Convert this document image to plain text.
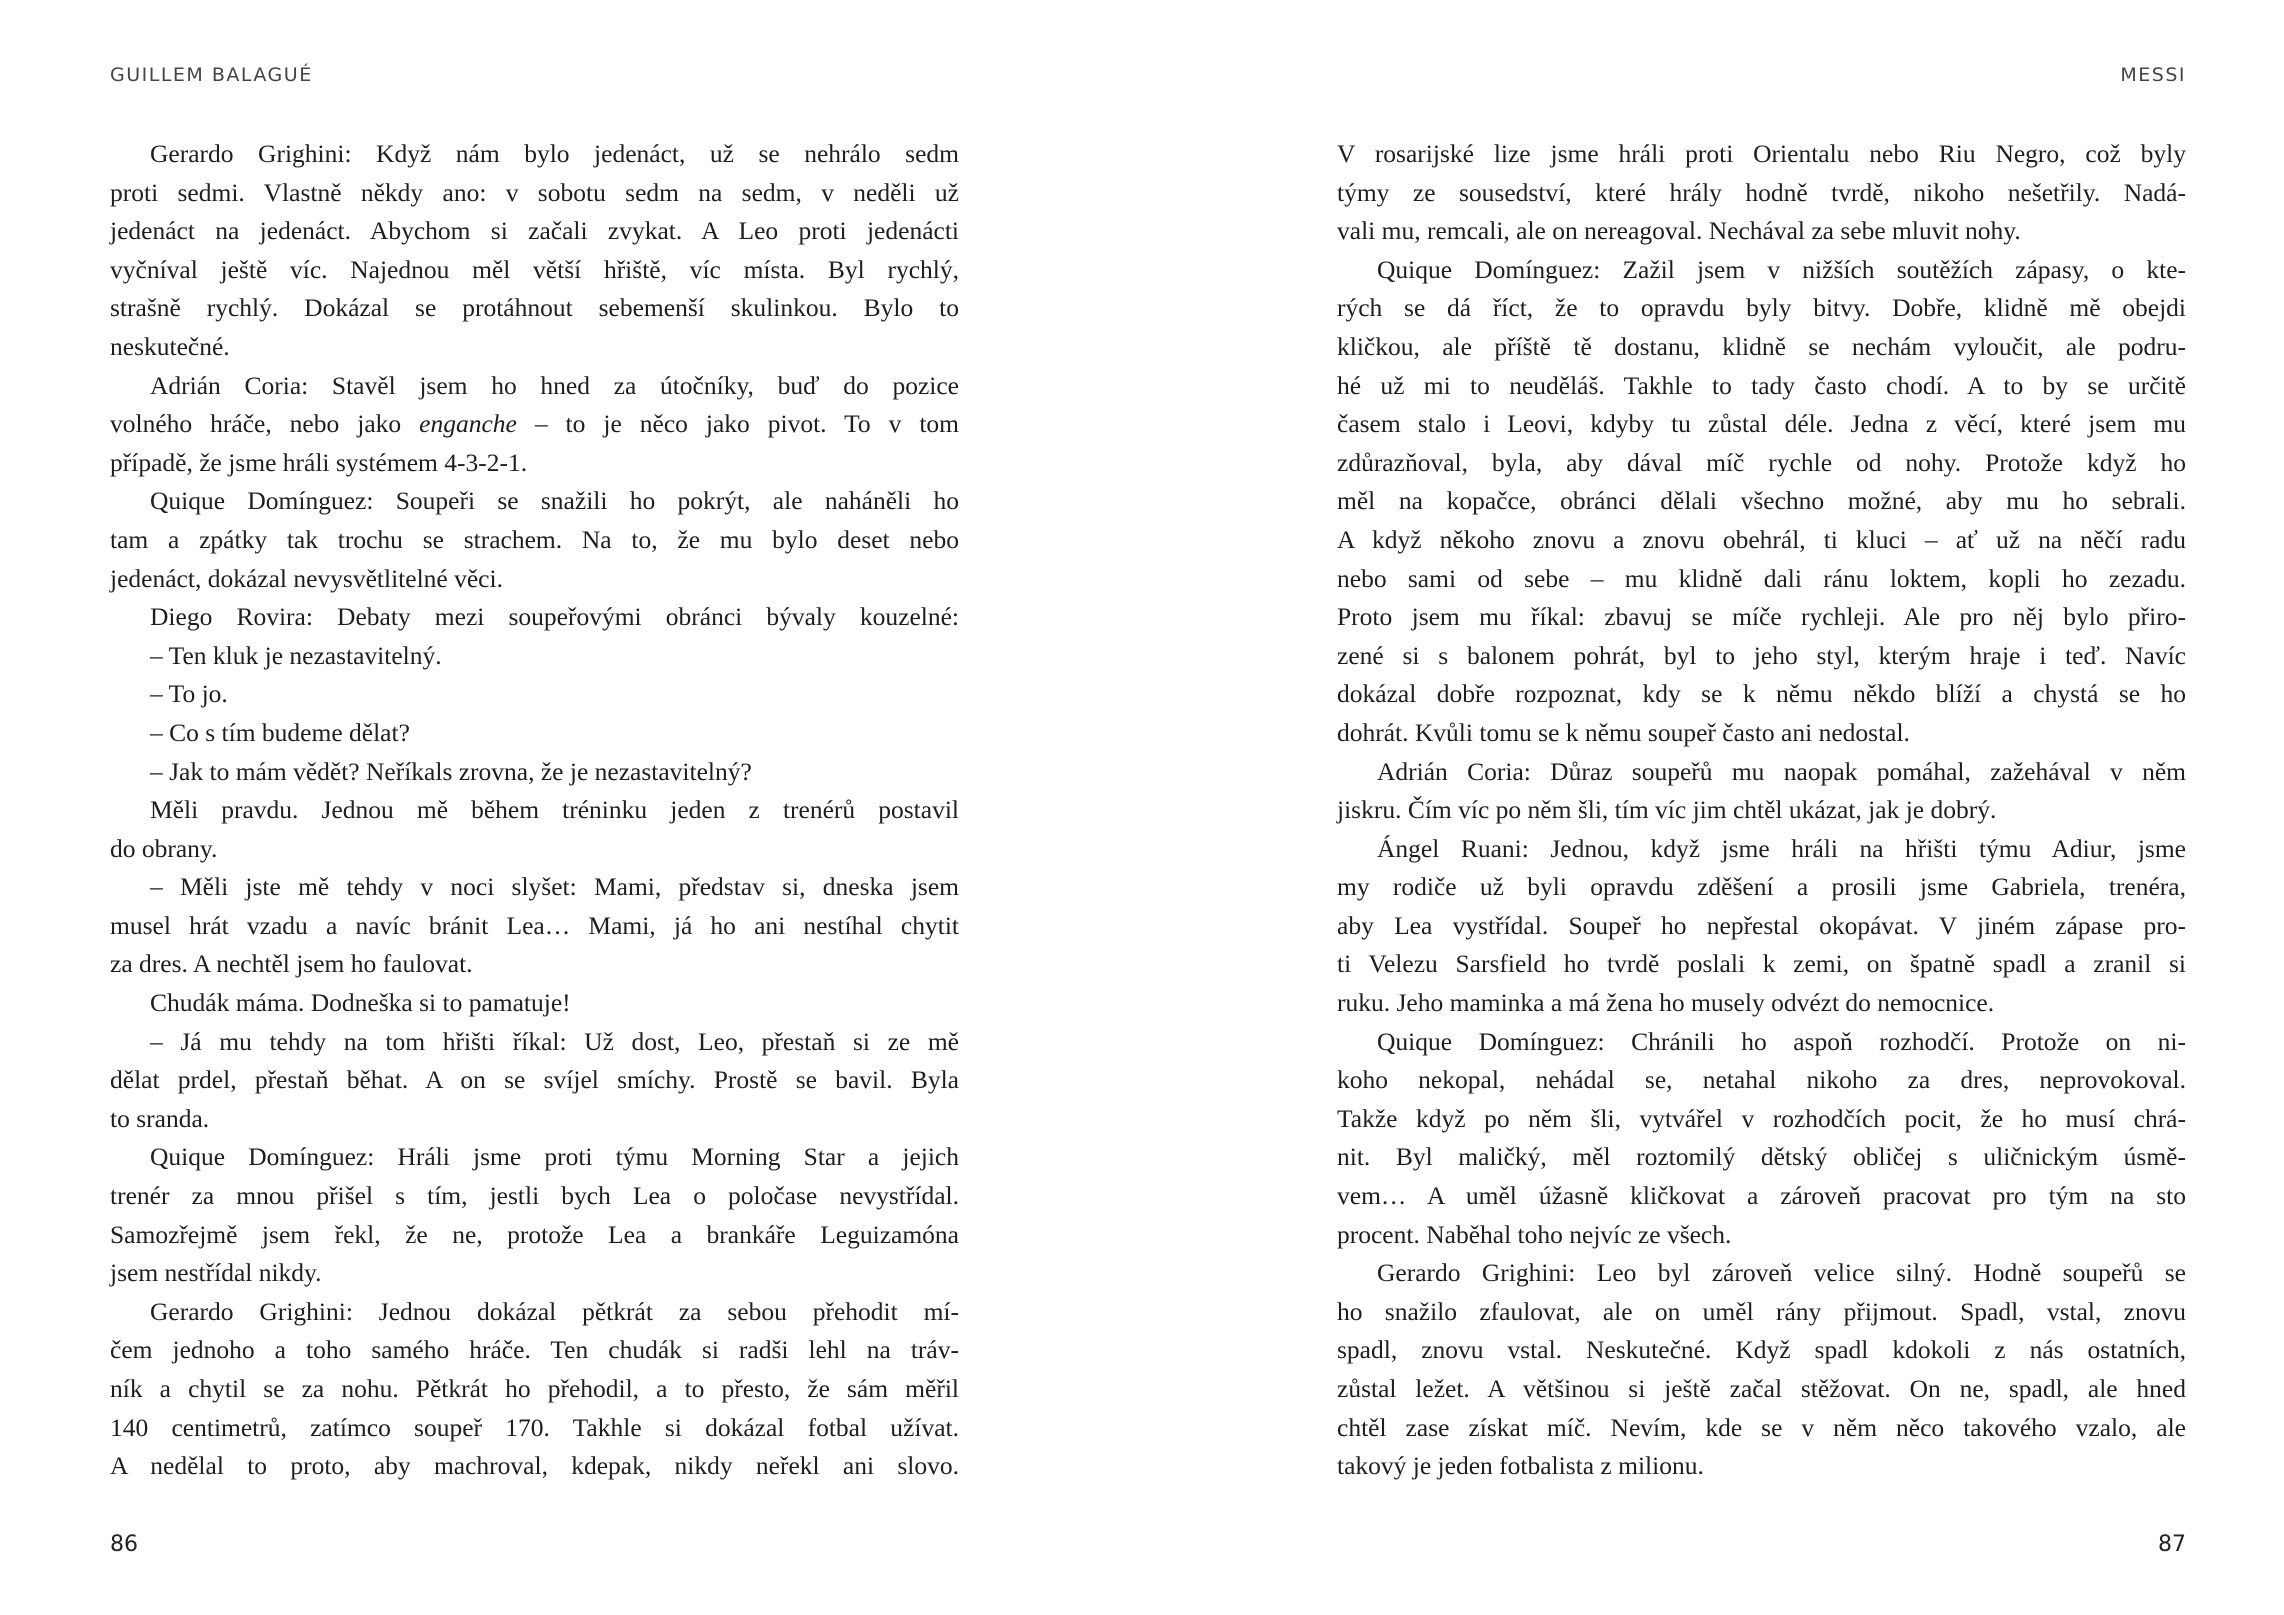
GUILLEM BALAGUÉ	MESSI
Gerardo Grighini: Když nám bylo jedenáct, už se nehrálo sedm
proti sedmi. Vlastně někdy ano: v sobotu sedm na sedm, v neděli už
jedenáct na jedenáct. Abychom si začali zvykat. A Leo proti jedenácti
vyčníval ještě víc. Najednou měl větší hřiště, víc místa. Byl rychlý,
strašně rychlý. Dokázal se protáhnout sebemenší skulinkou. Bylo to
neskutečné.
Adrián Coria: Stavěl jsem ho hned za útočníky, buď do pozice
volného hráče, nebo jako enganche – to je něco jako pivot. To v tom
případě, že jsme hráli systémem 4-3-2-1.
Quique Domínguez: Soupeři se snažili ho pokrýt, ale naháněli ho
tam a zpátky tak trochu se strachem. Na to, že mu bylo deset nebo
jedenáct, dokázal nevysvětlitelné věci.
Diego Rovira: Debaty mezi soupeřovými obránci bývaly kouzelné:
– Ten kluk je nezastavitelný.
– To jo.
– Co s tím budeme dělat?
– Jak to mám vědět? Neříkals zrovna, že je nezastavitelný?
Měli pravdu. Jednou mě během tréninku jeden z trenérů postavil
do obrany.
– Měli jste mě tehdy v noci slyšet: Mami, představ si, dneska jsem
musel hrát vzadu a navíc bránit Lea… Mami, já ho ani nestíhal chytit
za dres. A nechtěl jsem ho faulovat.
Chudák máma. Dodneška si to pamatuje!
– Já mu tehdy na tom hřišti říkal: Už dost, Leo, přestaň si ze mě
dělat prdel, přestaň běhat. A on se svíjel smíchy. Prostě se bavil. Byla
to sranda.
Quique Domínguez: Hráli jsme proti týmu Morning Star a jejich
trenér za mnou přišel s tím, jestli bych Lea o poločase nevystřídal.
Samozřejmě jsem řekl, že ne, protože Lea a brankáře Leguizamóna
jsem nestřídal nikdy.
Gerardo Grighini: Jednou dokázal pětkrát za sebou přehodit mí-
čem jednoho a toho samého hráče. Ten chudák si radši lehl na tráv-
ník a chytil se za nohu. Pětkrát ho přehodil, a to přesto, že sám měřil
140 centimetrů, zatímco soupeř 170. Takhle si dokázal fotbal užívat.
A nedělal to proto, aby machroval, kdepak, nikdy neřekl ani slovo.
V rosarijské lize jsme hráli proti Orientalu nebo Riu Negro, což byly
týmy ze sousedství, které hrály hodně tvrdě, nikoho nešetřily. Nadá-
vali mu, remcali, ale on nereagoval. Nechával za sebe mluvit nohy.
Quique Domínguez: Zažil jsem v nižších soutěžích zápasy, o kte-
rých se dá říct, že to opravdu byly bitvy. Dobře, klidně mě obejdi
kličkou, ale příště tě dostanu, klidně se nechám vyloučit, ale podru-
hé už mi to neuděláš. Takhle to tady často chodí. A to by se určitě
časem stalo i Leovi, kdyby tu zůstal déle. Jedna z věcí, které jsem mu
zdůrazňoval, byla, aby dával míč rychle od nohy. Protože když ho
měl na kopačce, obránci dělali všechno možné, aby mu ho sebrali.
A když někoho znovu a znovu obehrál, ti kluci – ať už na něčí radu
nebo sami od sebe – mu klidně dali ránu loktem, kopli ho zezadu.
Proto jsem mu říkal: zbavuj se míče rychleji. Ale pro něj bylo přiro-
zené si s balonem pohrát, byl to jeho styl, kterým hraje i teď. Navíc
dokázal dobře rozpoznat, kdy se k němu někdo blíží a chystá se ho
dohrát. Kvůli tomu se k němu soupeř často ani nedostal.
Adrián Coria: Důraz soupeřů mu naopak pomáhal, zažehával v něm
jiskru. Čím víc po něm šli, tím víc jim chtěl ukázat, jak je dobrý.
Ángel Ruani: Jednou, když jsme hráli na hřišti týmu Adiur, jsme
my rodiče už byli opravdu zděšení a prosili jsme Gabriela, trenéra,
aby Lea vystřídal. Soupeř ho nepřestal okopávat. V jiném zápase pro-
ti Velezu Sarsfield ho tvrdě poslali k zemi, on špatně spadl a zranil si
ruku. Jeho maminka a má žena ho musely odvézt do nemocnice.
Quique Domínguez: Chránili ho aspoň rozhodčí. Protože on ni-
koho nekopal, nehádal se, netahal nikoho za dres, neprovokoval.
Takže když po něm šli, vytvářel v rozhodčích pocit, že ho musí chrá-
nit. Byl maličký, měl roztomilý dětský obličej s uličnickým úsmě-
vem… A uměl úžasně kličkovat a zároveň pracovat pro tým na sto
procent. Naběhal toho nejvíc ze všech.
Gerardo Grighini: Leo byl zároveň velice silný. Hodně soupeřů se
ho snažilo zfaulovat, ale on uměl rány přijmout. Spadl, vstal, znovu
spadl, znovu vstal. Neskutečné. Když spadl kdokoli z nás ostatních,
zůstal ležet. A většinou si ještě začal stěžovat. On ne, spadl, ale hned
chtěl zase získat míč. Nevím, kde se v něm něco takového vzalo, ale
takový je jeden fotbalista z milionu.
86	87
